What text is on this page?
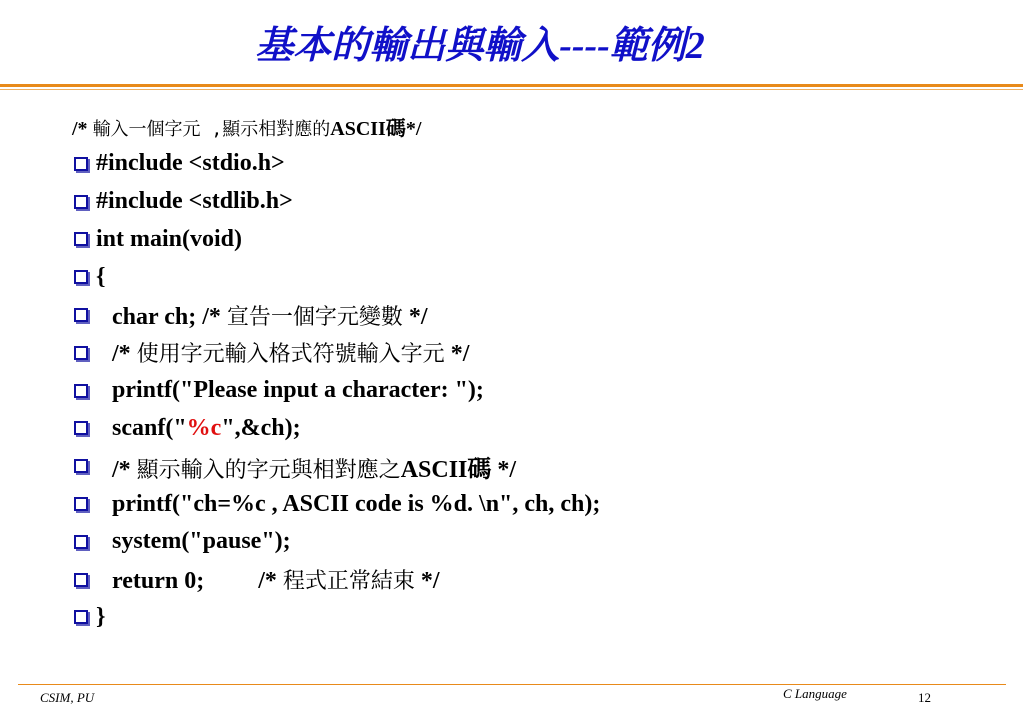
基本的輸出與輸入----範例2
/* 輸入一個字元 ,顯示相對應的ASCII碼*/
#include <stdio.h>
#include <stdlib.h>
int main(void)
{
char ch; /* 宣告一個字元變數 */
/* 使用字元輸入格式符號輸入字元 */
printf("Please input a character: ");
scanf("%c",&ch);
/* 顯示輸入的字元與相對應之ASCII碼 */
printf("ch=%c , ASCII code is %d. \n", ch, ch);
system("pause");
return 0;         /* 程式正常結束 */
}
CSIM, PU	C Language	12
